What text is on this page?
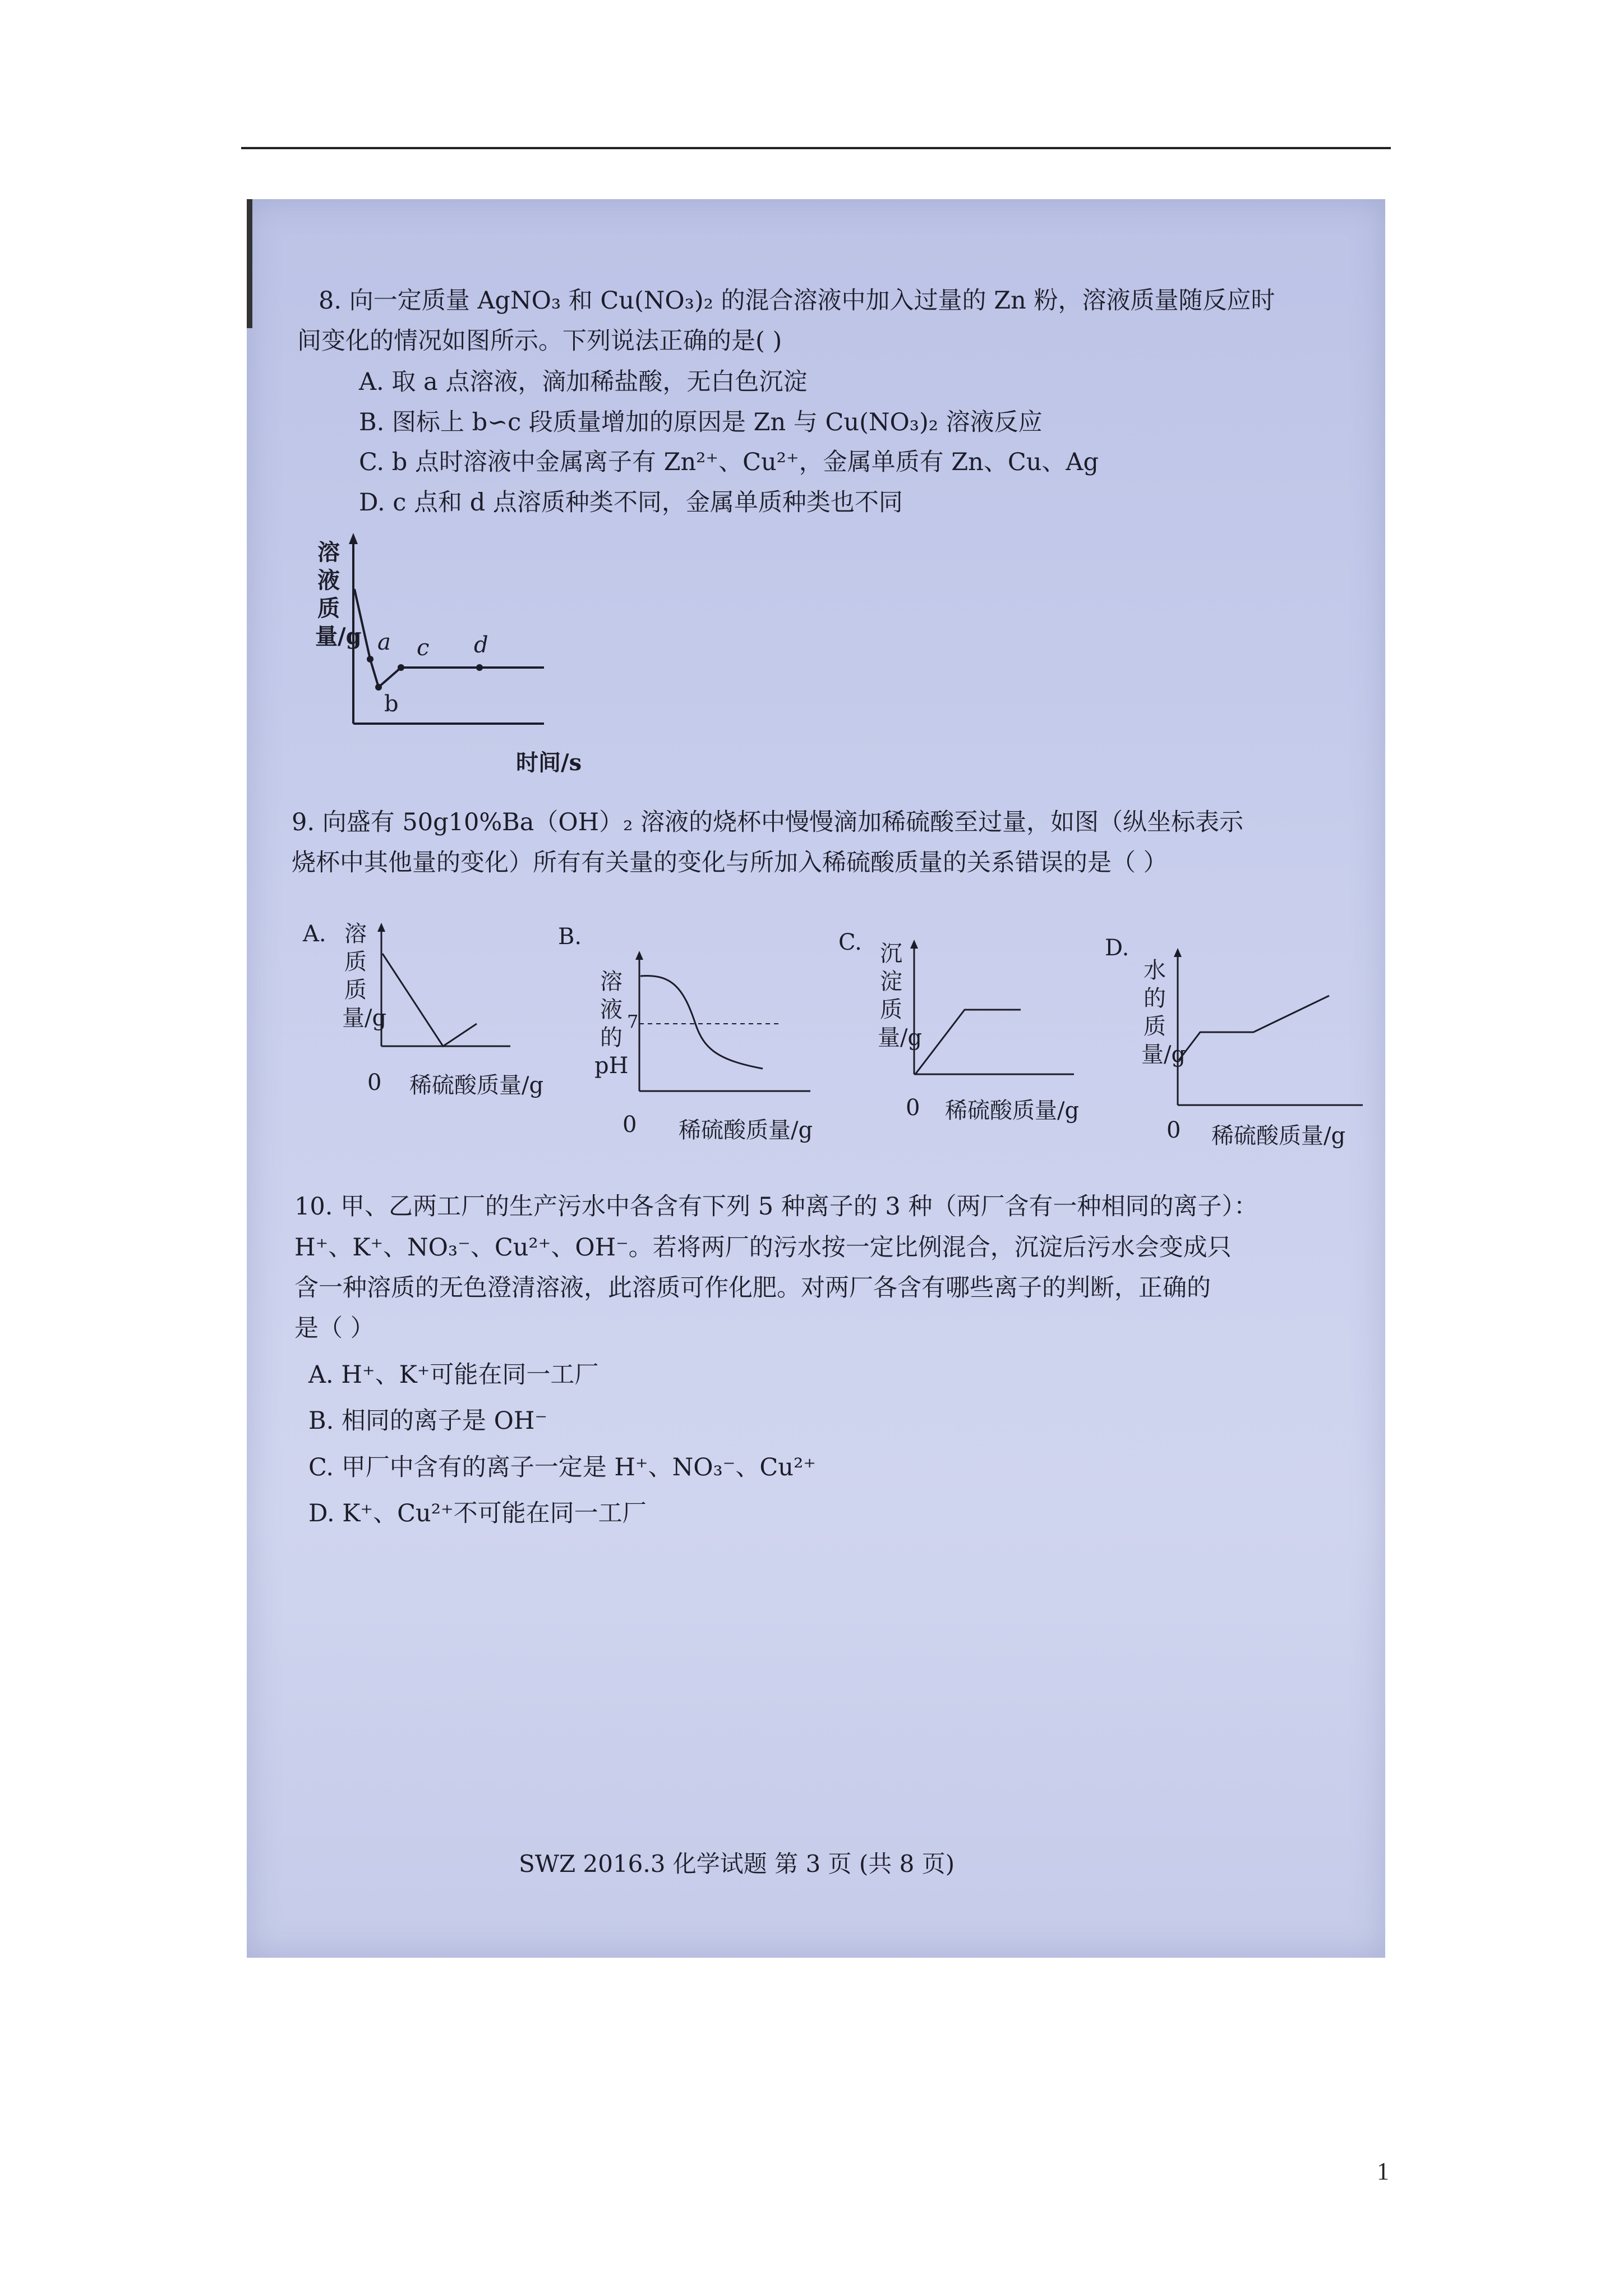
8. 向一定质量 AgNO₃ 和 Cu(NO₃)₂ 的混合溶液中加入过量的 Zn 粉，溶液质量随反应时
间变化的情况如图所示。下列说法正确的是( )
A. 取 a 点溶液，滴加稀盐酸，无白色沉淀
B. 图标上 b∽c 段质量增加的原因是 Zn 与 Cu(NO₃)₂ 溶液反应
C. b 点时溶液中金属离子有 Zn²⁺、Cu²⁺，金属单质有 Zn、Cu、Ag
D. c 点和 d 点溶质种类不同，金属单质种类也不同
溶液质量/g a
b
c d
时间/s
9. 向盛有 50g10%Ba（OH）₂ 溶液的烧杯中慢慢滴加稀硫酸至过量，如图（纵坐标表示
烧杯中其他量的变化）所有有关量的变化与所加入稀硫酸质量的关系错误的是（ ）
A. 溶质质量/g
0 稀硫酸质量/g
B.
溶液的pH
7
0 稀硫酸质量/g
C. 沉淀质量/g
0 稀硫酸质量/g
D.
水的质量/g
0 稀硫酸质量/g
10. 甲、乙两工厂的生产污水中各含有下列 5 种离子的 3 种（两厂含有一种相同的离子）：
H⁺、K⁺、NO₃⁻、Cu²⁺、OH⁻。若将两厂的污水按一定比例混合，沉淀后污水会变成只
含一种溶质的无色澄清溶液，此溶质可作化肥。对两厂各含有哪些离子的判断，正确的
是（ ）
A. H⁺、K⁺可能在同一工厂
B. 相同的离子是 OH⁻
C. 甲厂中含有的离子一定是 H⁺、NO₃⁻、Cu²⁺
D. K⁺、Cu²⁺不可能在同一工厂
SWZ 2016.3 化学试题 第 3 页 (共 8 页)
1
